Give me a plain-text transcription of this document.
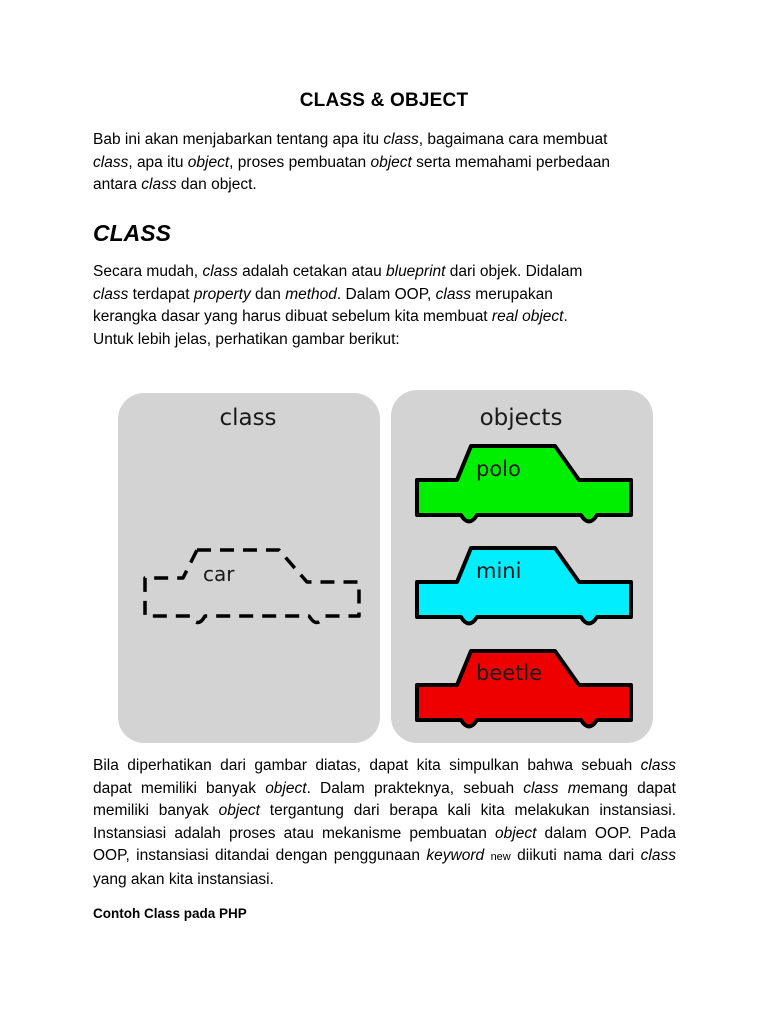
CLASS & OBJECT
Bab ini akan menjabarkan tentang apa itu class, bagaimana cara membuat
class, apa itu object, proses pembuatan object serta memahami perbedaan
antara class dan object.
CLASS
Secara mudah, class adalah cetakan atau blueprint dari objek. Didalam
class terdapat property dan method. Dalam OOP, class merupakan
kerangka dasar yang harus dibuat sebelum kita membuat real object.
Untuk lebih jelas, perhatikan gambar berikut:
class	objects
car
polo
mini
beetle
Bila diperhatikan dari gambar diatas, dapat kita simpulkan bahwa sebuah class dapat memiliki banyak object. Dalam prakteknya, sebuah class memang dapat memiliki banyak object tergantung dari berapa kali kita melakukan instansiasi. Instansiasi adalah proses atau mekanisme pembuatan object dalam OOP. Pada OOP, instansiasi ditandai dengan penggunaan keyword new diikuti nama dari class yang akan kita instansiasi.
Contoh Class pada PHP
